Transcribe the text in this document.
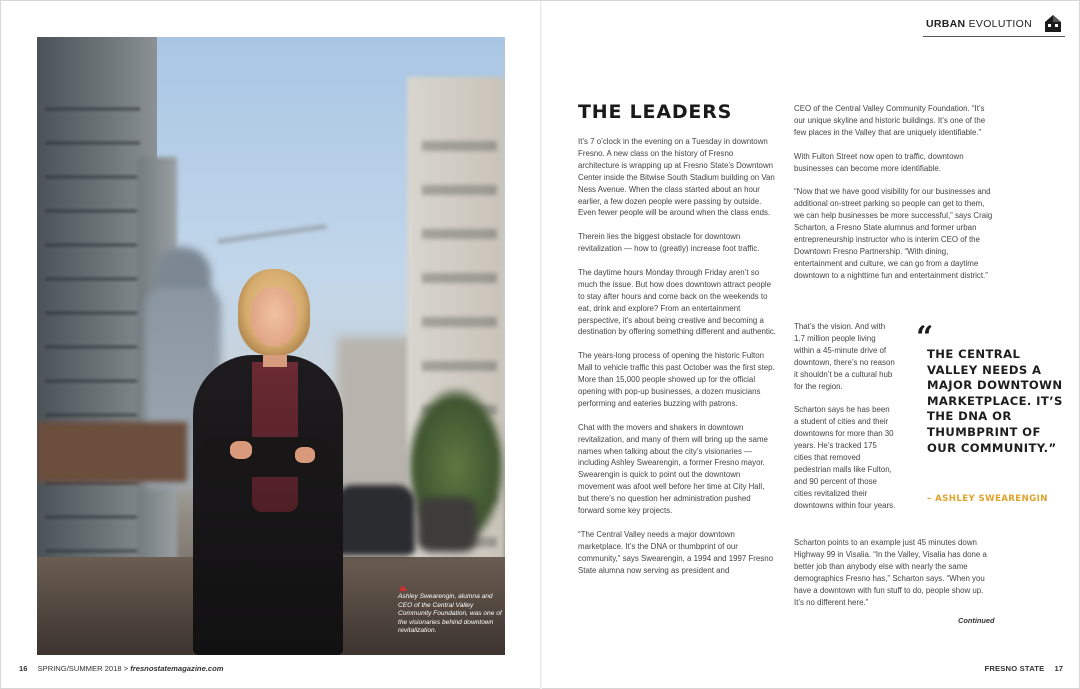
Ashley Swearengin, alumna and CEO of the Central Valley Community Foundation, was one of the visionaries behind downtown revitalization.
URBAN EVOLUTION
THE LEADERS

It’s 7 o’clock in the evening on a Tuesday in downtown Fresno. A new class on the history of Fresno architecture is wrapping up at Fresno State’s Downtown Center inside the Bitwise South Stadium building on Van Ness Avenue. When the class started about an hour earlier, a few dozen people were passing by outside. Even fewer people will be around when the class ends.

Therein lies the biggest obstacle for downtown revitalization — how to (greatly) increase foot traffic.

The daytime hours Monday through Friday aren’t so much the issue. But how does downtown attract people to stay after hours and come back on the weekends to eat, drink and explore? From an entertainment perspective, it’s about being creative and becoming a destination by offering something different and authentic.

The years-long process of opening the historic Fulton Mall to vehicle traffic this past October was the first step. More than 15,000 people showed up for the official opening with pop-up businesses, a dozen musicians performing and eateries buzzing with patrons.

Chat with the movers and shakers in downtown revitalization, and many of them will bring up the same names when talking about the city’s visionaries — including Ashley Swearengin, a former Fresno mayor. Swearengin is quick to point out the downtown movement was afoot well before her time at City Hall, but there’s no question her administration pushed forward some key projects.

“The Central Valley needs a major downtown marketplace. It’s the DNA or thumbprint of our community,” says Swearengin, a 1994 and 1997 Fresno State alumna now serving as president and

CEO of the Central Valley Community Foundation. “It’s our unique skyline and historic buildings. It’s one of the few places in the Valley that are uniquely identifiable.”

With Fulton Street now open to traffic, downtown businesses can become more identifiable.

“Now that we have good visibility for our businesses and additional on-street parking so people can get to them, we can help businesses be more successful,” says Craig Scharton, a Fresno State alumnus and former urban entrepreneurship instructor who is interim CEO of the Downtown Fresno Partnership. “With dining, entertainment and culture, we can go from a daytime downtown to a nighttime fun and entertainment district.”

That’s the vision. And with 1.7 million people living within a 45-minute drive of downtown, there’s no reason it shouldn’t be a cultural hub for the region.

Scharton says he has been a student of cities and their downtowns for more than 30 years. He’s tracked 175 cities that removed pedestrian malls like Fulton, and 90 percent of those cities revitalized their downtowns within four years.

Scharton points to an example just 45 minutes down Highway 99 in Visalia. “In the Valley, Visalia has done a better job than anybody else with nearly the same demographics Fresno has,” Scharton says. “When you have a downtown with fun stuff to do, people show up. It’s no different here.”

“
THE CENTRAL VALLEY NEEDS A MAJOR DOWNTOWN MARKETPLACE. IT’S THE DNA OR THUMBPRINT OF OUR COMMUNITY.”
– ASHLEY SWEARENGIN
Continued
16 SPRING/SUMMER 2018 > fresnostatemagazine.com	FRESNO STATE 17
